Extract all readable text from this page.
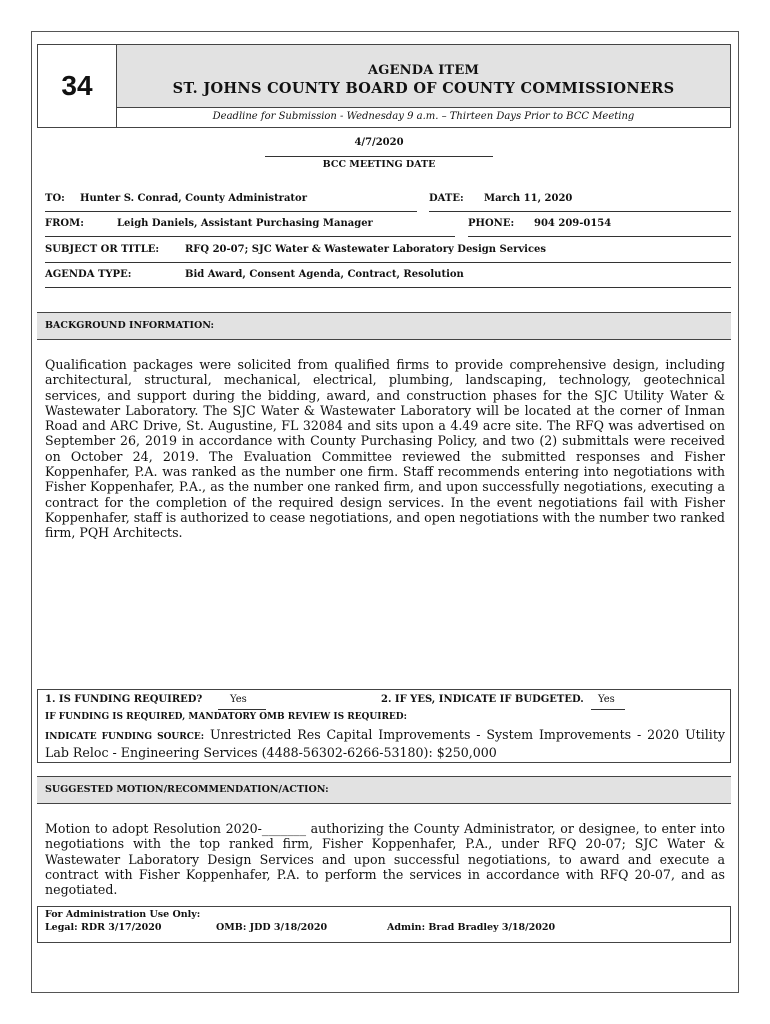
34	AGENDA ITEM
ST. JOHNS COUNTY BOARD OF COUNTY COMMISSIONERS
Deadline for Submission - Wednesday 9 a.m. – Thirteen Days Prior to BCC Meeting
4/7/2020
BCC MEETING DATE
TO: Hunter S. Conrad, County Administrator	DATE: March 11, 2020
FROM:	Leigh Daniels, Assistant Purchasing Manager	PHONE: 904 209-0154
SUBJECT OR TITLE:	RFQ 20-07; SJC Water & Wastewater Laboratory Design Services
AGENDA TYPE:	Bid Award, Consent Agenda, Contract, Resolution
BACKGROUND INFORMATION:
Qualification packages were solicited from qualified firms to provide comprehensive design, including architectural, structural, mechanical, electrical, plumbing, landscaping, technology, geotechnical services, and support during the bidding, award, and construction phases for the SJC Utility Water & Wastewater Laboratory. The SJC Water & Wastewater Laboratory will be located at the corner of Inman Road and ARC Drive, St. Augustine, FL 32084 and sits upon a 4.49 acre site. The RFQ was advertised on September 26, 2019 in accordance with County Purchasing Policy, and two (2) submittals were received on October 24, 2019. The Evaluation Committee reviewed the submitted responses and Fisher Koppenhafer, P.A. was ranked as the number one firm. Staff recommends entering into negotiations with Fisher Koppenhafer, P.A., as the number one ranked firm, and upon successfully negotiations, executing a contract for the completion of the required design services. In the event negotiations fail with Fisher Koppenhafer, staff is authorized to cease negotiations, and open negotiations with the number two ranked firm, PQH Architects.
1. IS FUNDING REQUIRED?	Yes	2. IF YES, INDICATE IF BUDGETED. Yes
IF FUNDING IS REQUIRED, MANDATORY OMB REVIEW IS REQUIRED:
INDICATE FUNDING SOURCE: Unrestricted Res Capital Improvements - System Improvements - 2020 Utility Lab Reloc - Engineering Services (4488-56302-6266-53180): $250,000
SUGGESTED MOTION/RECOMMENDATION/ACTION:
Motion to adopt Resolution 2020-_______ authorizing the County Administrator, or designee, to enter into negotiations with the top ranked firm, Fisher Koppenhafer, P.A., under RFQ 20-07; SJC Water & Wastewater Laboratory Design Services and upon successful negotiations, to award and execute a contract with Fisher Koppenhafer, P.A. to perform the services in accordance with RFQ 20-07, and as negotiated.
For Administration Use Only:
Legal: RDR 3/17/2020	OMB: JDD 3/18/2020	Admin: Brad Bradley 3/18/2020
